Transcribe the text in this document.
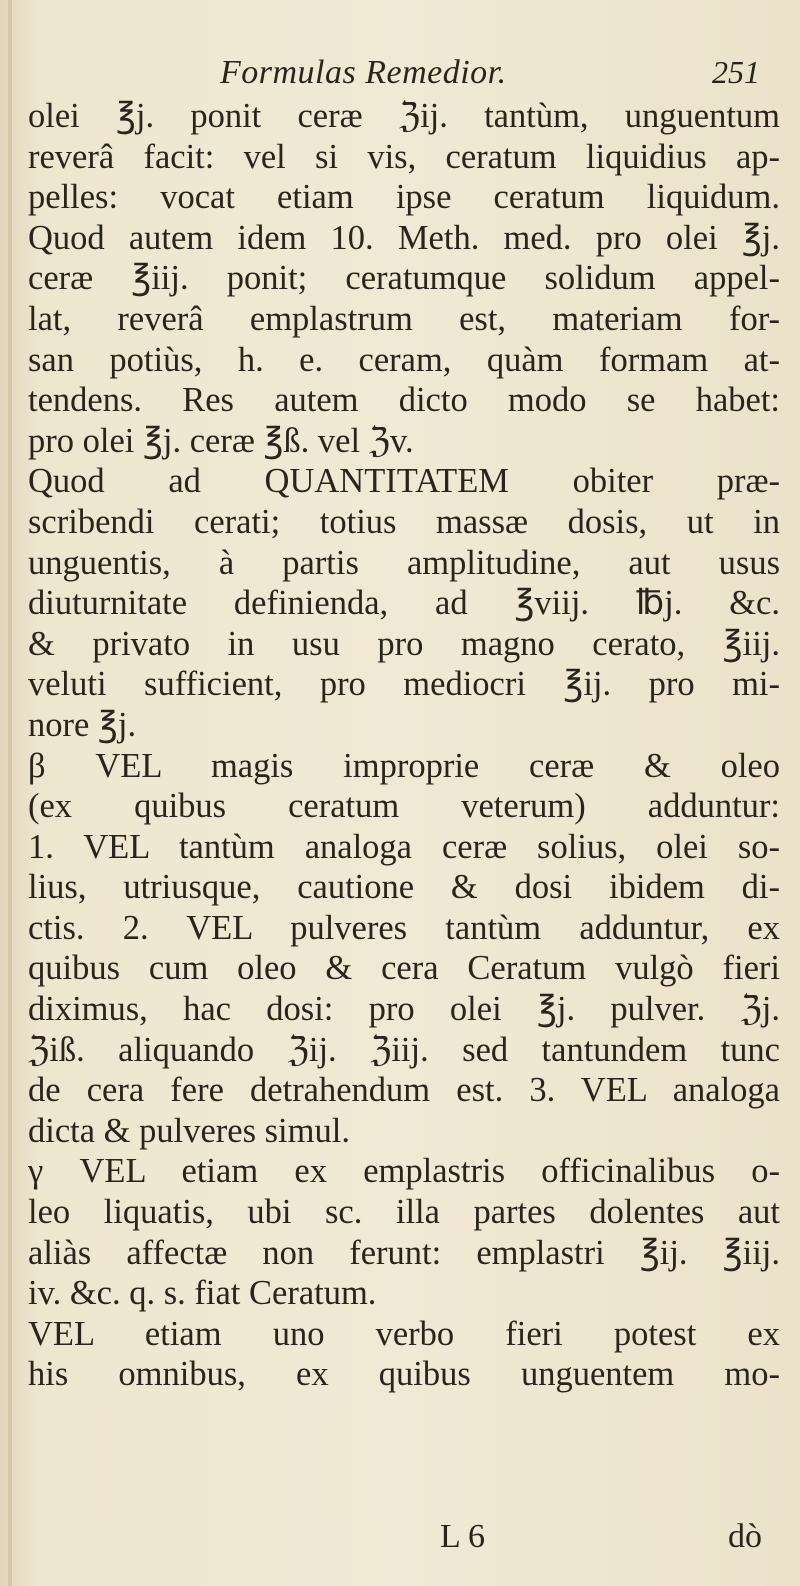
Formulas Remedior.	251
olei ℥j. ponit ceræ ℨij. tantùm, unguentum
reverâ facit: vel si vis, ceratum liquidius ap-
pelles: vocat etiam ipse ceratum liquidum.
Quod autem idem 10. Meth. med. pro olei ℥j.
ceræ ℥iij. ponit; ceratumque solidum appel-
lat, reverâ emplastrum est, materiam for-
san potiùs, h. e. ceram, quàm formam at-
tendens. Res autem dicto modo se habet:
pro olei ℥j. ceræ ℥ß. vel ℨv.
Quod ad QUANTITATEM obiter præ-
scribendi cerati; totius massæ dosis, ut in
unguentis, à partis amplitudine, aut usus
diuturnitate definienda, ad ℥viij. ℔j. &c.
& privato in usu pro magno cerato, ℥iij.
veluti sufficient, pro mediocri ℥ij. pro mi-
nore ℥j.
β VEL magis improprie ceræ & oleo
(ex quibus ceratum veterum) adduntur:
1. VEL tantùm analoga ceræ solius, olei so-
lius, utriusque, cautione & dosi ibidem di-
ctis. 2. VEL pulveres tantùm adduntur, ex
quibus cum oleo & cera Ceratum vulgò fieri
diximus, hac dosi: pro olei ℥j. pulver. ℨj.
ℨiß. aliquando ℨij. ℨiij. sed tantundem tunc
de cera fere detrahendum est. 3. VEL analoga
dicta & pulveres simul.
γ VEL etiam ex emplastris officinalibus o-
leo liquatis, ubi sc. illa partes dolentes aut
aliàs affectæ non ferunt: emplastri ℥ij. ℥iij.
iv. &c. q. s. fiat Ceratum.
VEL etiam uno verbo fieri potest ex
his omnibus, ex quibus unguentem mo-
L 6	dò
